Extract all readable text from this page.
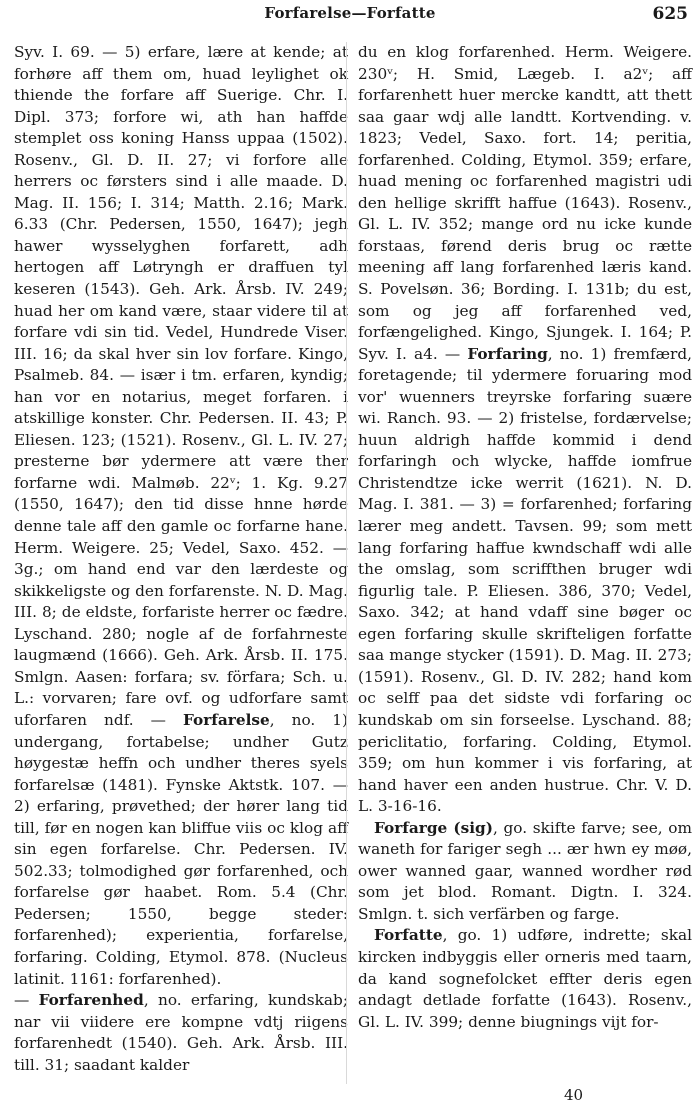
Forfarelse—Forfatte	625

Syv. I. 69. — 5) erfare, lære at kende; at forhøre aff them om, huad leylighet ok thiende the forfare aff Suerige. Chr. I. Dipl. 373; forfore wi, ath han haffde stemplet oss koning Hanss uppaa (1502). Rosenv., Gl. D. II. 27; vi forfore alle herrers oc førsters sind i alle maade. D. Mag. II. 156; I. 314; Matth. 2.16; Mark. 6.33 (Chr. Pedersen, 1550, 1647); jegh hawer wysselyghen forfarett, adh hertogen aff Løtryngh er draffuen tyl keseren (1543). Geh. Ark. Årsb. IV. 249; huad her om kand være, staar videre til at forfare vdi sin tid. Vedel, Hundrede Viser. III. 16; da skal hver sin lov forfare. Kingo, Psalmeb. 84. — især i tm. erfaren, kyndig; han vor en notarius, meget forfaren. i atskillige konster. Chr. Pedersen. II. 43; P. Eliesen. 123; (1521). Rosenv., Gl. L. IV. 27; presterne bør ydermere att være ther forfarne wdi. Malmøb. 22ᵛ; 1. Kg. 9.27 (1550, 1647); den tid disse hnne hørde denne tale aff den gamle oc forfarne hane. Herm. Weigere. 25; Vedel, Saxo. 452. — 3g.; om hand end var den lærdeste og skikkeligste og den forfarenste. N. D. Mag. III. 8; de eldste, forfariste herrer oc fædre. Lyschand. 280; nogle af de forfahrneste laugmænd (1666). Geh. Ark. Årsb. II. 175. Smlgn. Aasen: forfara; sv. förfara; Sch. u. L.: vorvaren; fare ovf. og udforfare samt uforfaren ndf. — Forfarelse, no. 1) undergang, fortabelse; undher Gutz høygestæ heffn och undher theres syels forfarelsæ (1481). Fynske Aktstk. 107. — 2) erfaring, prøvethed; der hører lang tid till, før en nogen kan bliffue viis oc klog aff sin egen forfarelse. Chr. Pedersen. IV. 502.33; tolmodighed gør forfarenhed, och forfarelse gør haabet. Rom. 5.4 (Chr. Pedersen; 1550, begge steder: forfarenhed); experientia, forfarelse, forfaring. Colding, Etymol. 878. (Nucleus latinit. 1161: forfarenhed).
— Forfarenhed, no. erfaring, kundskab; nar vii viidere ere kompne vdtj riigens forfarenhedt (1540). Geh. Ark. Årsb. III. till. 31; saadant kalder

du en klog forfarenhed. Herm. Weigere. 230ᵛ; H. Smid, Lægeb. I. a2ᵛ; aff forfarenhett huer mercke kandtt, att thett saa gaar wdj alle landtt. Kortvending. v. 1823; Vedel, Saxo. fort. 14; peritia, forfarenhed. Colding, Etymol. 359; erfare, huad mening oc forfarenhed magistri udi den hellige skrifft haffue (1643). Rosenv., Gl. L. IV. 352; mange ord nu icke kunde forstaas, førend deris brug oc rætte meening aff lang forfarenhed læris kand. S. Povelsøn. 36; Bording. I. 131b; du est, som og jeg aff forfarenhed ved, forfængelighed. Kingo, Sjungek. I. 164; P. Syv. I. a4. — Forfaring, no. 1) fremfærd, foretagende; til ydermere foruaring mod vor' wuenners treyrske forfaring suære wi. Ranch. 93. — 2) fristelse, fordærvelse; huun aldrigh haffde kommid i dend forfaringh och wlycke, haffde iomfrue Christendtze icke werrit (1621). N. D. Mag. I. 381. — 3) = forfarenhed; forfaring lærer meg andett. Tavsen. 99; som mett lang forfaring haffue kwndschaff wdi alle the omslag, som scriffthen bruger wdi figurlig tale. P. Eliesen. 386, 370; Vedel, Saxo. 342; at hand vdaff sine bøger oc egen forfaring skulle skrifteligen forfatte saa mange stycker (1591). D. Mag. II. 273; (1591). Rosenv., Gl. D. IV. 282; hand kom oc selff paa det sidste vdi forfaring oc kundskab om sin forseelse. Lyschand. 88; periclitatio, forfaring. Colding, Etymol. 359; om hun kommer i vis forfaring, at hand haver een anden hustrue. Chr. V. D. L. 3-16-16.

Forfarge (sig), go. skifte farve; see, om waneth for fariger segh ... ær hwn ey møø, ower wanned gaar, wanned wordher rød som jet blod. Romant. Digtn. I. 324. Smlgn. t. sich verfärben og farge.

Forfatte, go. 1) udføre, indrette; skal kircken indbyggis eller orneris med taarn, da kand sognefolcket effter deris egen andagt detlade forfatte (1643). Rosenv., Gl. L. IV. 399; denne biugnings vijt for-

40
